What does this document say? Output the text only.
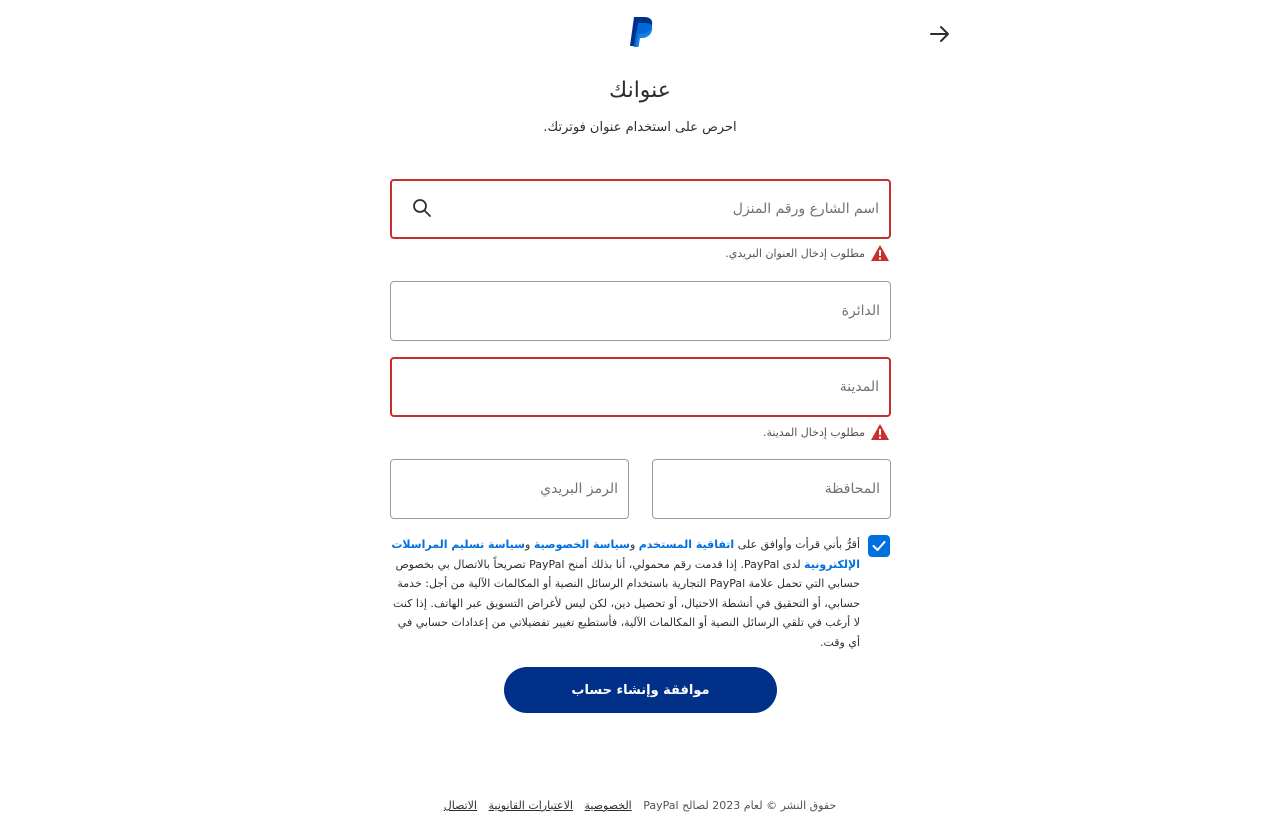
عنوانك
احرص على استخدام عنوان فوترتك.
اسم الشارع ورقم المنزل
مطلوب إدخال العنوان البريدي.
الدائرة
المدينة
مطلوب إدخال المدينة.
المحافظة
الرمز البريدي
أقرُّ بأني قرأت وأوافق على اتفاقية المستخدم وسياسة الخصوصية وسياسة تسليم المراسلات الإلكترونية لدى PayPal. إذا قدمت رقم محمولي، أنا بذلك أمنح PayPal تصريحاً بالاتصال بي بخصوص حسابي التي تحمل علامة PayPal التجارية باستخدام الرسائل النصية أو المكالمات الآلية من أجل: خدمة حسابي، أو التحقيق في أنشطة الاحتيال، أو تحصيل دين، لكن ليس لأغراض التسويق عبر الهاتف. إذا كنت لا أرغب في تلقي الرسائل النصية أو المكالمات الآلية، فأستطيع تغيير تفضيلاتي من إعدادات حسابي في أي وقت.
موافقة وإنشاء حساب
حقوق النشر © لعام 2023 لصالح PayPal الخصوصية الاعتبارات القانونية الاتصال
